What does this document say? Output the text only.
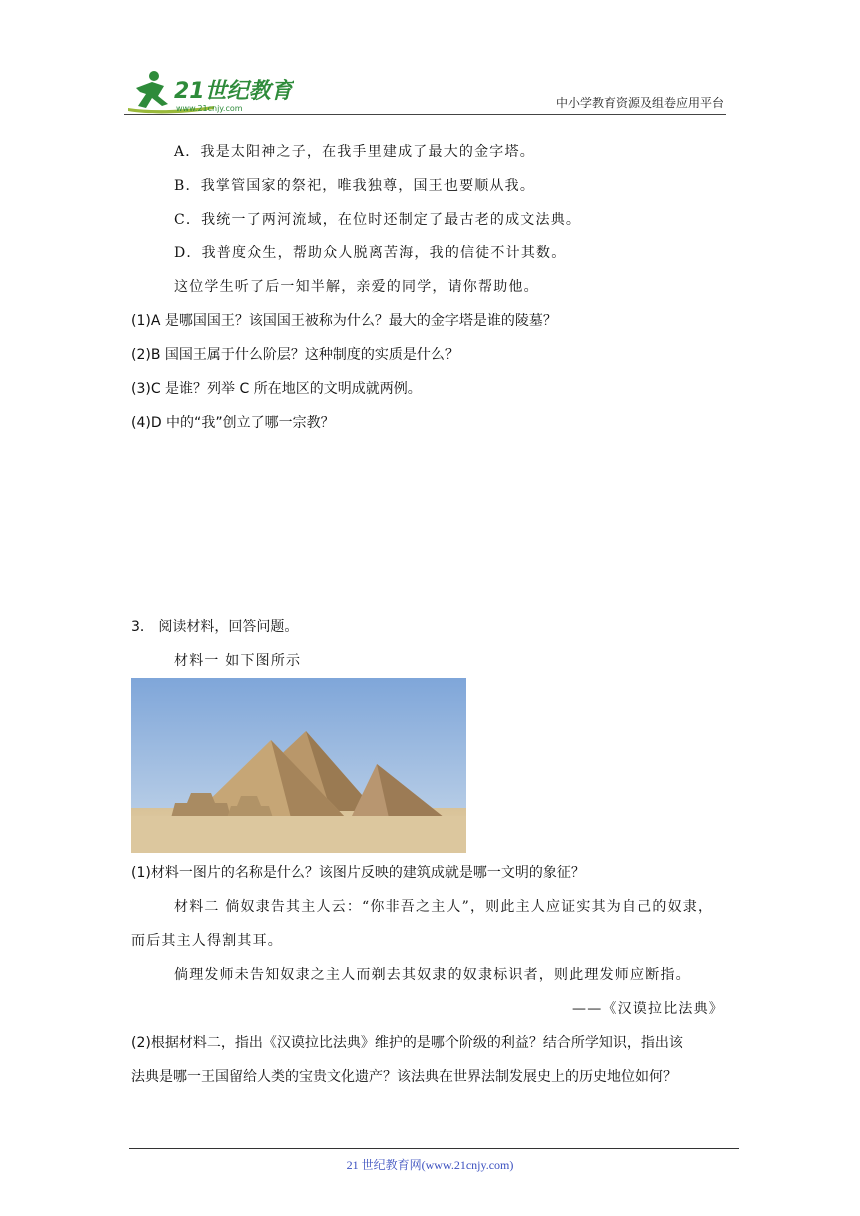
21世纪教育
www.21cnjy.com	中小学教育资源及组卷应用平台
A．我是太阳神之子，在我手里建成了最大的金字塔。
B．我掌管国家的祭祀，唯我独尊，国王也要顺从我。
C．我统一了两河流域，在位时还制定了最古老的成文法典。
D．我普度众生，帮助众人脱离苦海，我的信徒不计其数。
这位学生听了后一知半解，亲爱的同学，请你帮助他。
(1)A 是哪国国王？该国国王被称为什么？最大的金字塔是谁的陵墓？
(2)B 国国王属于什么阶层？这种制度的实质是什么？
(3)C 是谁？列举 C 所在地区的文明成就两例。
(4)D 中的“我”创立了哪一宗教？
3． 阅读材料，回答问题。
材料一 如下图所示
(1)材料一图片的名称是什么？该图片反映的建筑成就是哪一文明的象征？
材料二 倘奴隶告其主人云：“你非吾之主人”，则此主人应证实其为自己的奴隶，
而后其主人得割其耳。
倘理发师未告知奴隶之主人而剃去其奴隶的奴隶标识者，则此理发师应断指。
——《汉谟拉比法典》
(2)根据材料二，指出《汉谟拉比法典》维护的是哪个阶级的利益？结合所学知识，指出该
法典是哪一王国留给人类的宝贵文化遗产？该法典在世界法制发展史上的历史地位如何？
21 世纪教育网(www.21cnjy.com)
